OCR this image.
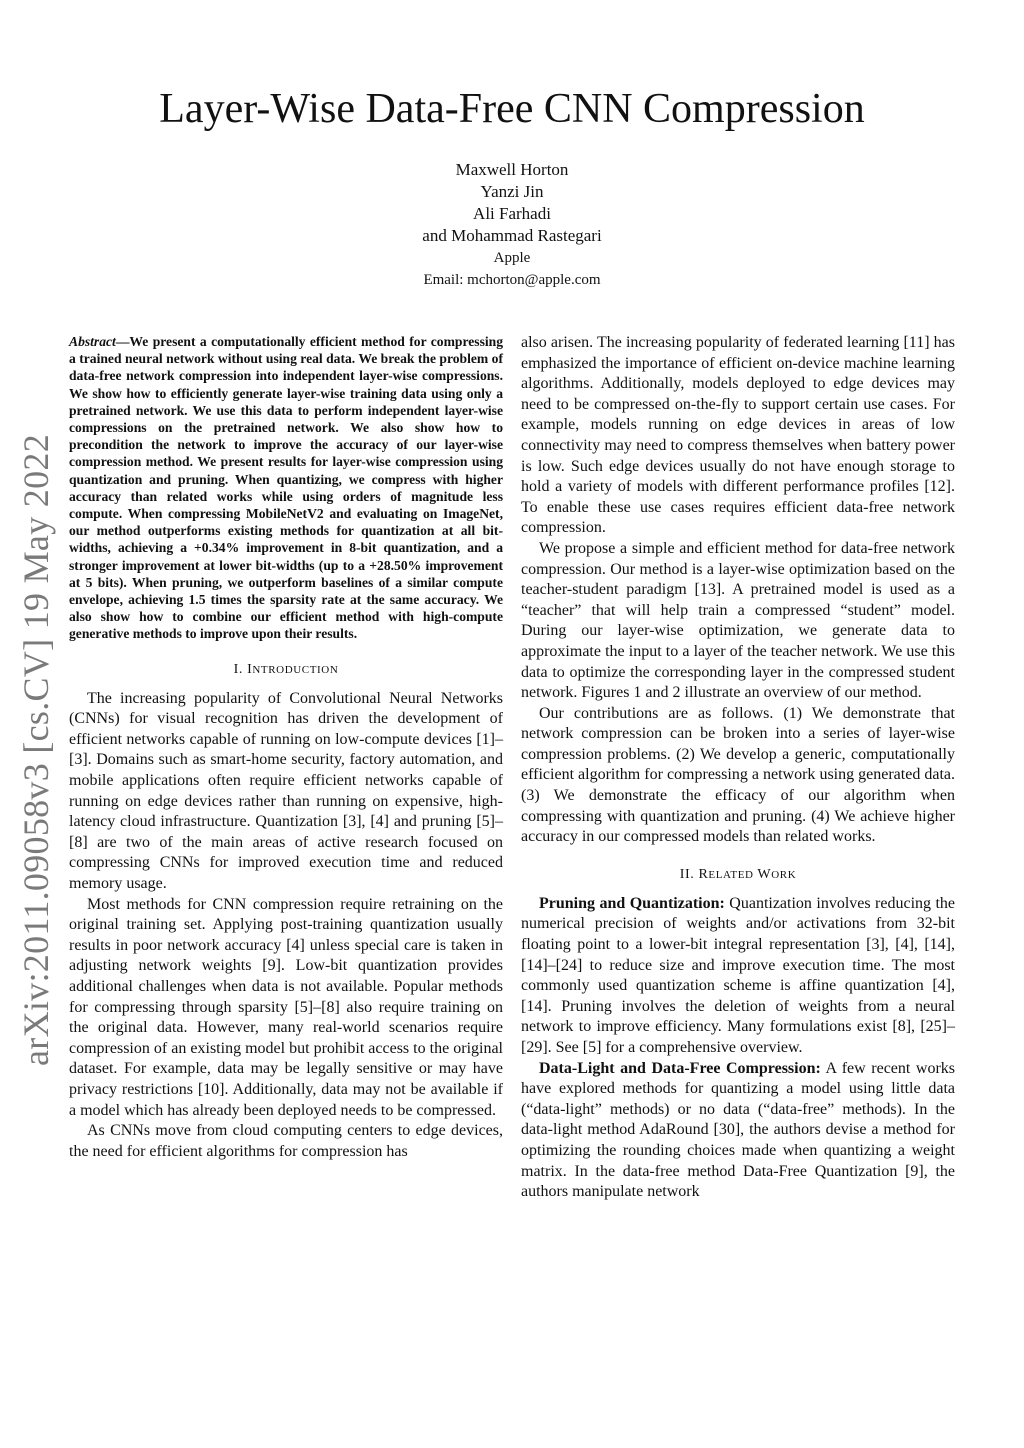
arXiv:2011.09058v3 [cs.CV] 19 May 2022
Layer-Wise Data-Free CNN Compression
Maxwell Horton
Yanzi Jin
Ali Farhadi
and Mohammad Rastegari
Apple
Email: mchorton@apple.com

Abstract—We present a computationally efficient method for compressing a trained neural network without using real data. We break the problem of data-free network compression into independent layer-wise compressions. We show how to efficiently generate layer-wise training data using only a pretrained network. We use this data to perform independent layer-wise compressions on the pretrained network. We also show how to precondition the network to improve the accuracy of our layer-wise compression method. We present results for layer-wise compression using quantization and pruning. When quantizing, we compress with higher accuracy than related works while using orders of magnitude less compute. When compressing MobileNetV2 and evaluating on ImageNet, our method outperforms existing methods for quantization at all bit-widths, achieving a +0.34% improvement in 8-bit quantization, and a stronger improvement at lower bit-widths (up to a +28.50% improvement at 5 bits). When pruning, we outperform baselines of a similar compute envelope, achieving 1.5 times the sparsity rate at the same accuracy. We also show how to combine our efficient method with high-compute generative methods to improve upon their results.

I. INTRODUCTION

The increasing popularity of Convolutional Neural Networks (CNNs) for visual recognition has driven the development of efficient networks capable of running on low-compute devices [1]–[3]. Domains such as smart-home security, factory automation, and mobile applications often require efficient networks capable of running on edge devices rather than running on expensive, high-latency cloud infrastructure. Quantization [3], [4] and pruning [5]–[8] are two of the main areas of active research focused on compressing CNNs for improved execution time and reduced memory usage.

Most methods for CNN compression require retraining on the original training set. Applying post-training quantization usually results in poor network accuracy [4] unless special care is taken in adjusting network weights [9]. Low-bit quantization provides additional challenges when data is not available. Popular methods for compressing through sparsity [5]–[8] also require training on the original data. However, many real-world scenarios require compression of an existing model but prohibit access to the original dataset. For example, data may be legally sensitive or may have privacy restrictions [10]. Additionally, data may not be available if a model which has already been deployed needs to be compressed.

As CNNs move from cloud computing centers to edge devices, the need for efficient algorithms for compression has

also arisen. The increasing popularity of federated learning [11] has emphasized the importance of efficient on-device machine learning algorithms. Additionally, models deployed to edge devices may need to be compressed on-the-fly to support certain use cases. For example, models running on edge devices in areas of low connectivity may need to compress themselves when battery power is low. Such edge devices usually do not have enough storage to hold a variety of models with different performance profiles [12]. To enable these use cases requires efficient data-free network compression.

We propose a simple and efficient method for data-free network compression. Our method is a layer-wise optimization based on the teacher-student paradigm [13]. A pretrained model is used as a “teacher” that will help train a compressed “student” model. During our layer-wise optimization, we generate data to approximate the input to a layer of the teacher network. We use this data to optimize the corresponding layer in the compressed student network. Figures 1 and 2 illustrate an overview of our method.

Our contributions are as follows. (1) We demonstrate that network compression can be broken into a series of layer-wise compression problems. (2) We develop a generic, computationally efficient algorithm for compressing a network using generated data. (3) We demonstrate the efficacy of our algorithm when compressing with quantization and pruning. (4) We achieve higher accuracy in our compressed models than related works.

II. RELATED WORK

Pruning and Quantization: Quantization involves reducing the numerical precision of weights and/or activations from 32-bit floating point to a lower-bit integral representation [3], [4], [14], [14]–[24] to reduce size and improve execution time. The most commonly used quantization scheme is affine quantization [4], [14]. Pruning involves the deletion of weights from a neural network to improve efficiency. Many formulations exist [8], [25]–[29]. See [5] for a comprehensive overview.

Data-Light and Data-Free Compression: A few recent works have explored methods for quantizing a model using little data (“data-light” methods) or no data (“data-free” methods). In the data-light method AdaRound [30], the authors devise a method for optimizing the rounding choices made when quantizing a weight matrix. In the data-free method Data-Free Quantization [9], the authors manipulate network
